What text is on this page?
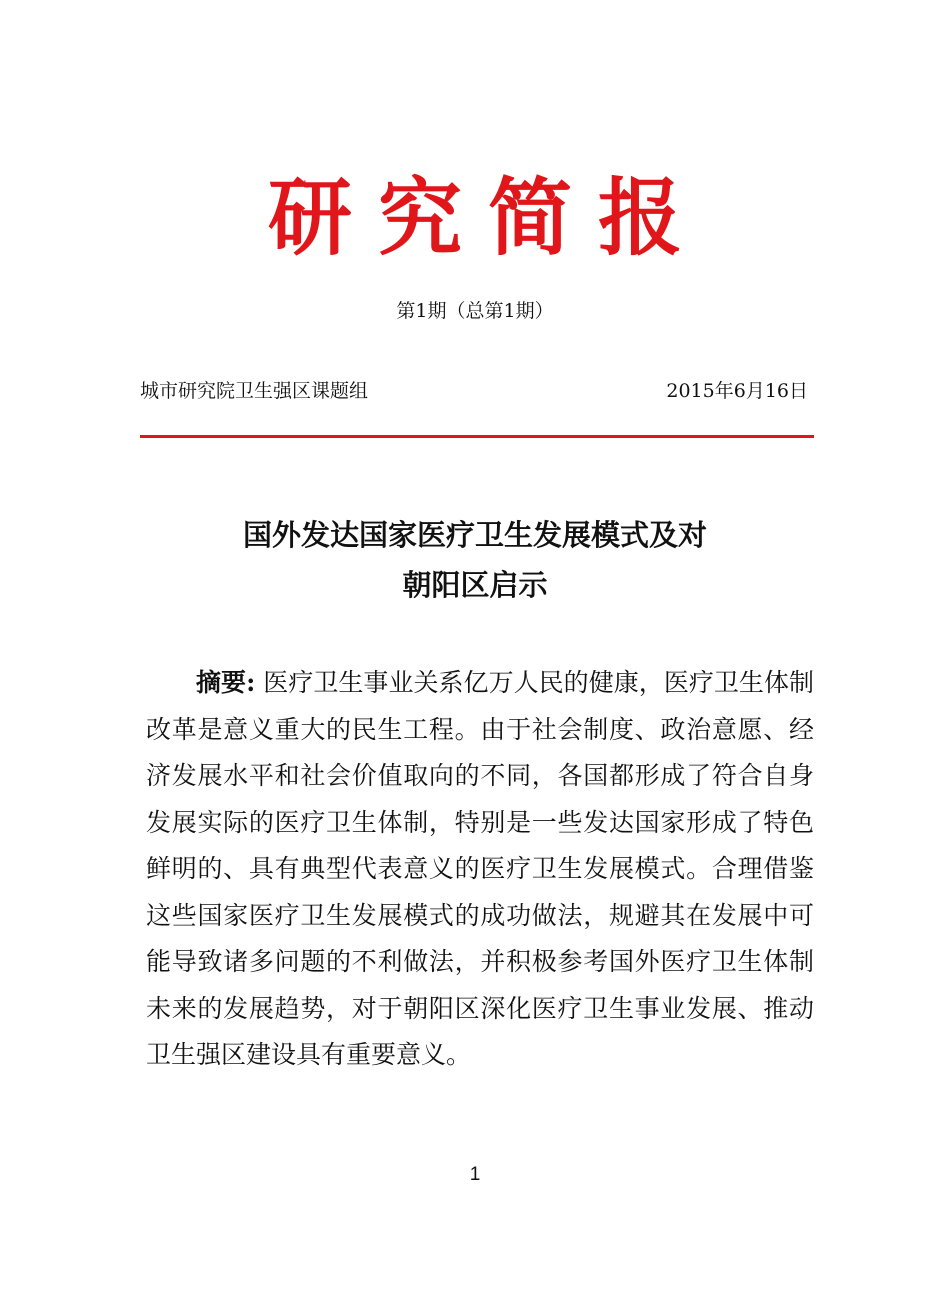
研究简报
第1期（总第1期）
城市研究院卫生强区课题组	2015年6月16日
国外发达国家医疗卫生发展模式及对
朝阳区启示
摘要: 医疗卫生事业关系亿万人民的健康，医疗卫生体制改革是意义重大的民生工程。由于社会制度、政治意愿、经济发展水平和社会价值取向的不同，各国都形成了符合自身发展实际的医疗卫生体制，特别是一些发达国家形成了特色鲜明的、具有典型代表意义的医疗卫生发展模式。合理借鉴这些国家医疗卫生发展模式的成功做法，规避其在发展中可能导致诸多问题的不利做法，并积极参考国外医疗卫生体制未来的发展趋势，对于朝阳区深化医疗卫生事业发展、推动卫生强区建设具有重要意义。
1
